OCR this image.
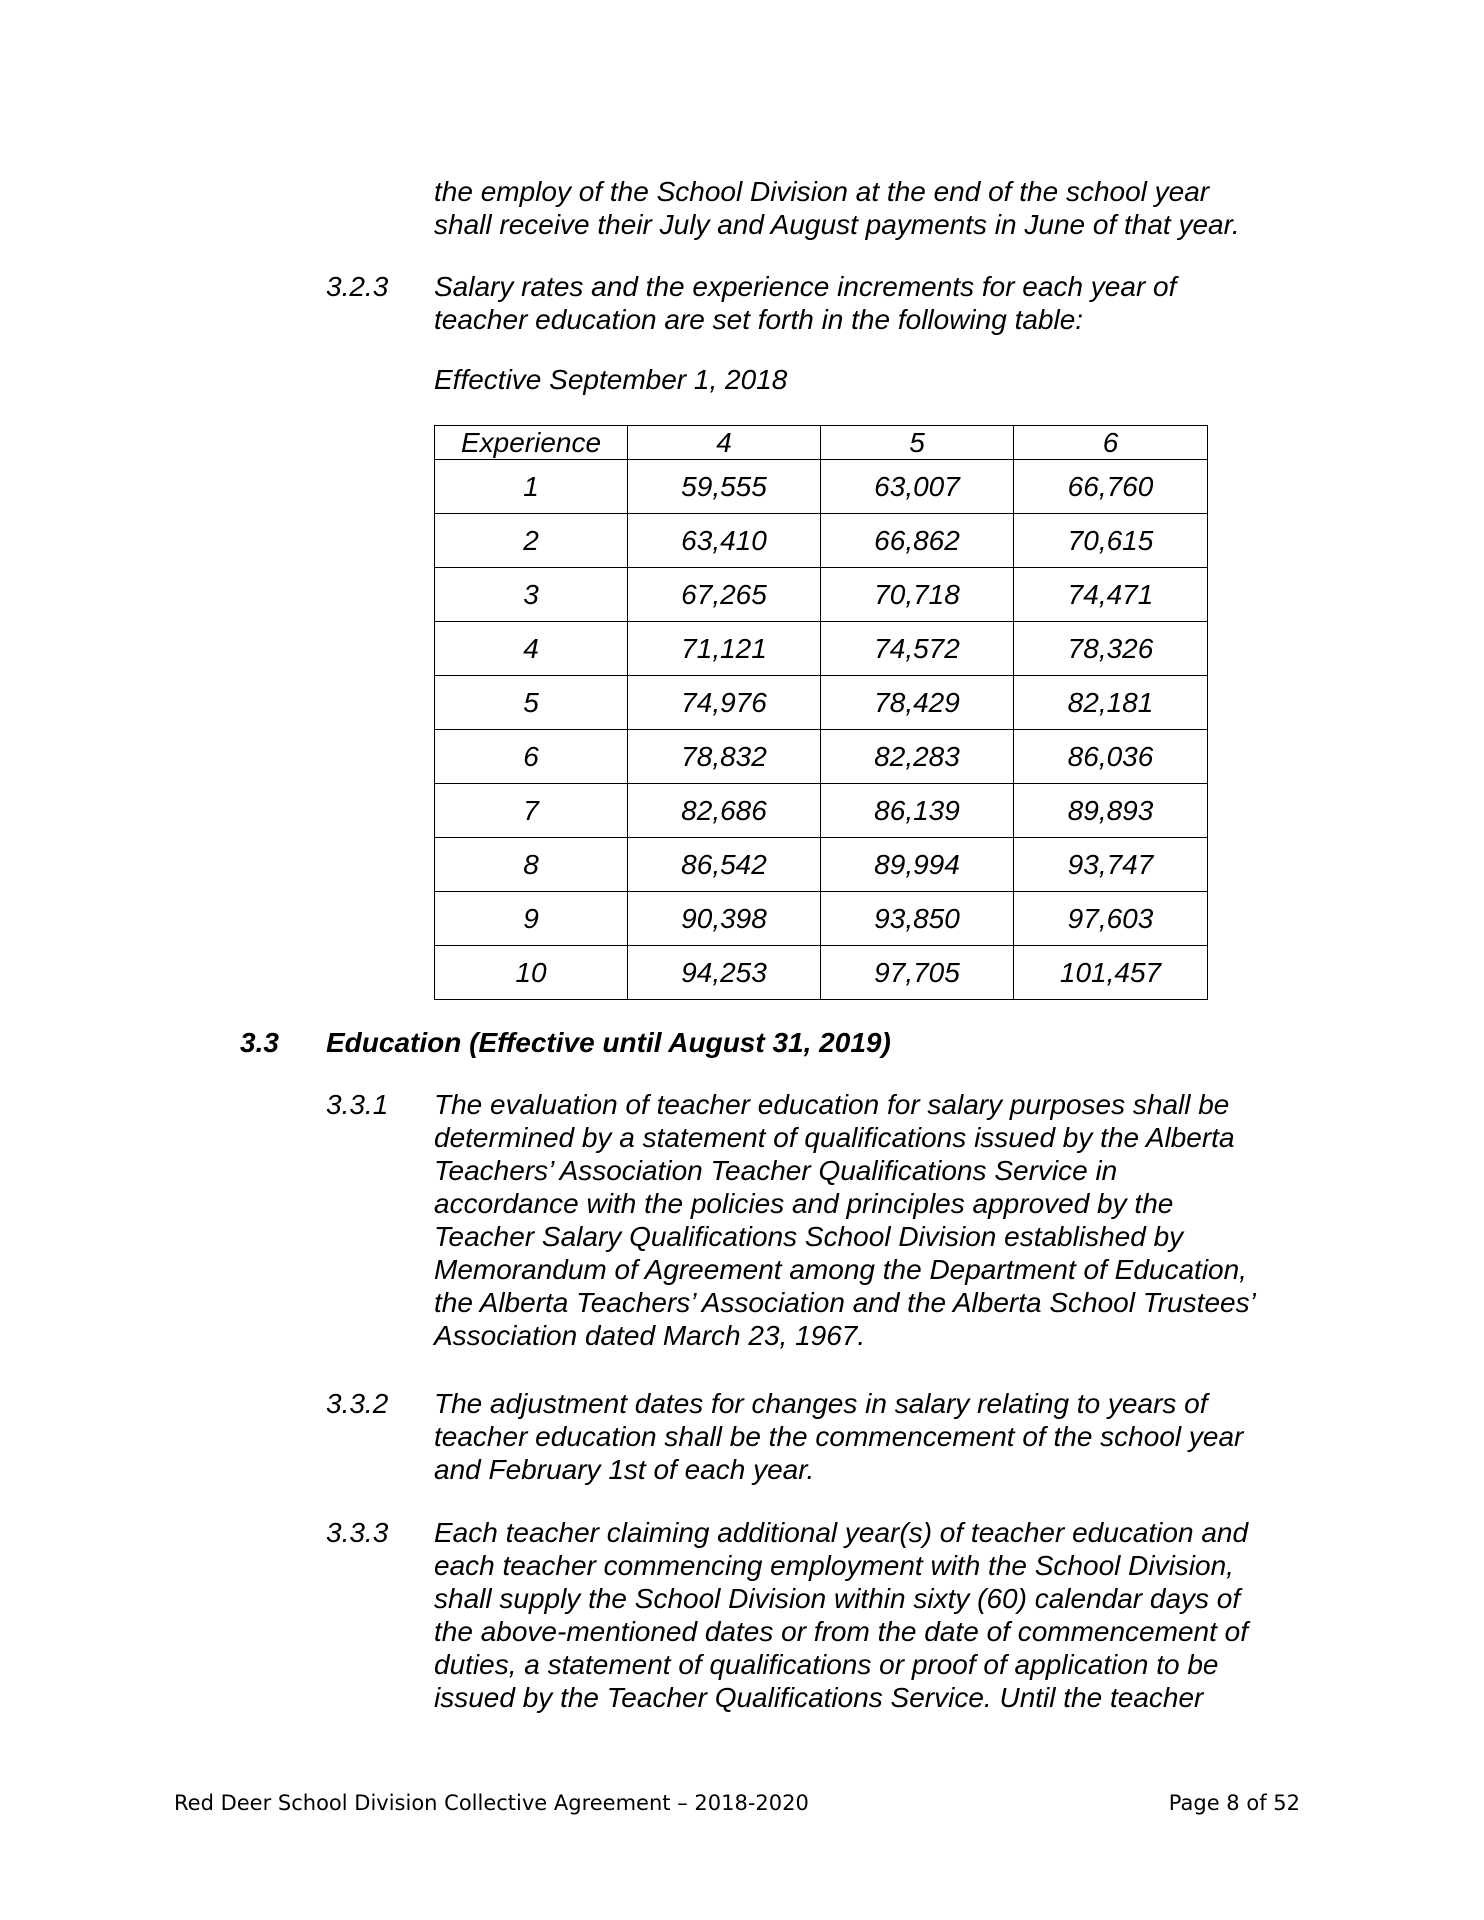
the employ of the School Division at the end of the school year
shall receive their July and August payments in June of that year.
3.2.3 Salary rates and the experience increments for each year of
teacher education are set forth in the following table:
Effective September 1, 2018
Experience	4	5	6
1	59,555	63,007	66,760
2	63,410	66,862	70,615
3	67,265	70,718	74,471
4	71,121	74,572	78,326
5	74,976	78,429	82,181
6	78,832	82,283	86,036
7	82,686	86,139	89,893
8	86,542	89,994	93,747
9	90,398	93,850	97,603
10	94,253	97,705	101,457
3.3 Education (Effective until August 31, 2019)
3.3.1 The evaluation of teacher education for salary purposes shall be
determined by a statement of qualifications issued by the Alberta
Teachers’ Association Teacher Qualifications Service in
accordance with the policies and principles approved by the
Teacher Salary Qualifications School Division established by
Memorandum of Agreement among the Department of Education,
the Alberta Teachers’ Association and the Alberta School Trustees’
Association dated March 23, 1967.
3.3.2 The adjustment dates for changes in salary relating to years of
teacher education shall be the commencement of the school year
and February 1st of each year.
3.3.3 Each teacher claiming additional year(s) of teacher education and
each teacher commencing employment with the School Division,
shall supply the School Division within sixty (60) calendar days of
the above-mentioned dates or from the date of commencement of
duties, a statement of qualifications or proof of application to be
issued by the Teacher Qualifications Service. Until the teacher
Red Deer School Division Collective Agreement – 2018-2020	Page 8 of 52
